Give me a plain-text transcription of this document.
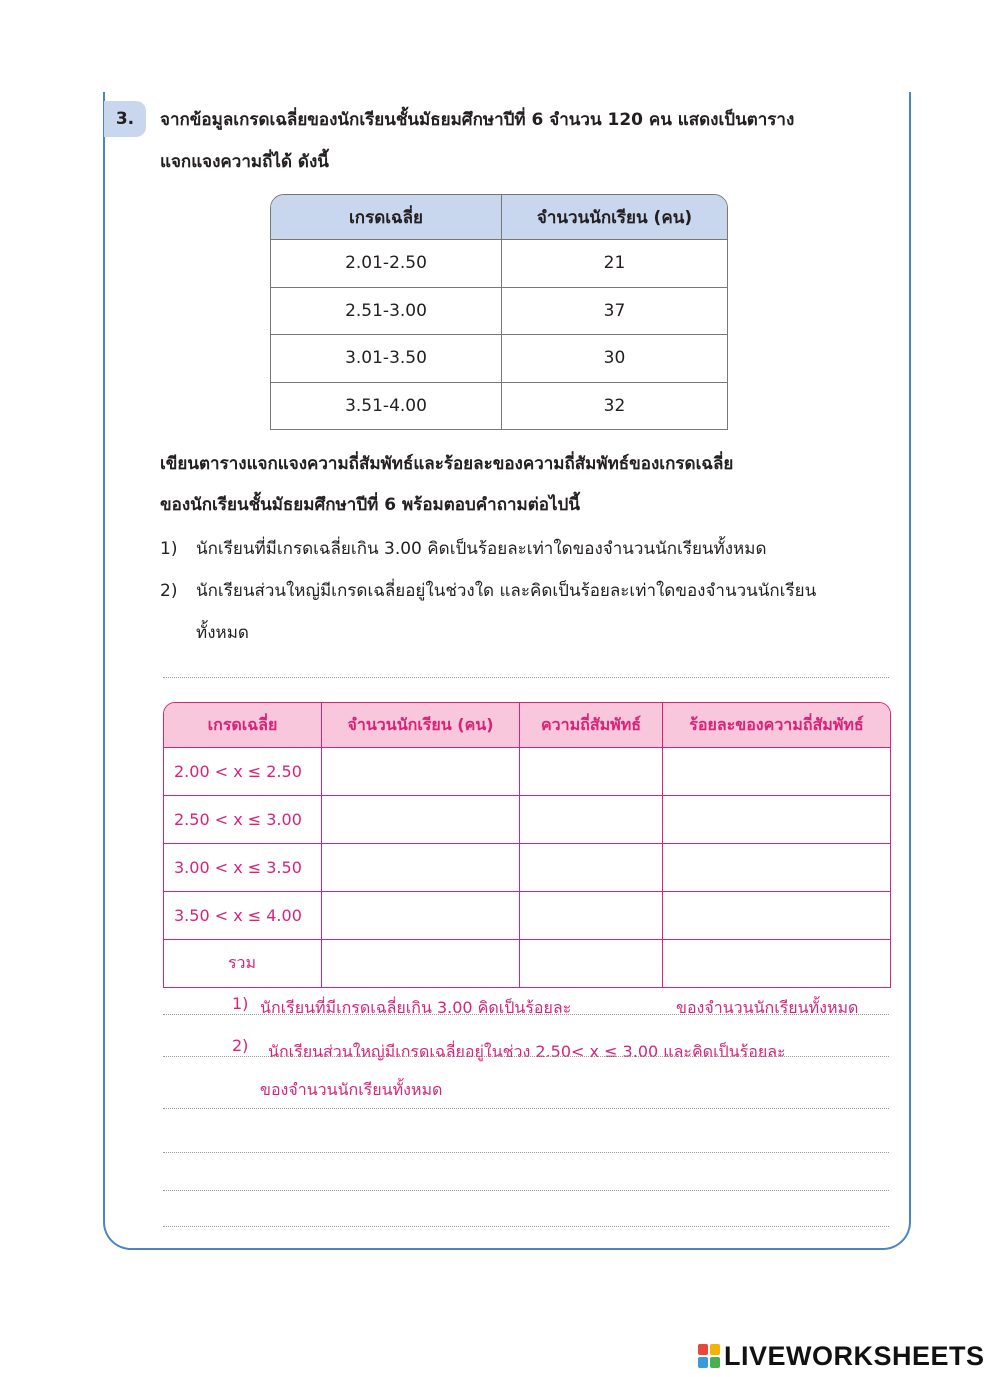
3.	จากข้อมูลเกรดเฉลี่ยของนักเรียนชั้นมัธยมศึกษาปีที่ 6 จำนวน 120 คน แสดงเป็นตาราง
แจกแจงความถี่ได้ ดังนี้
เกรดเฉลี่ย	จำนวนนักเรียน (คน)
2.01-2.50	21
2.51-3.00	37
3.01-3.50	30
3.51-4.00	32
เขียนตารางแจกแจงความถี่สัมพัทธ์และร้อยละของความถี่สัมพัทธ์ของเกรดเฉลี่ย
ของนักเรียนชั้นมัธยมศึกษาปีที่ 6 พร้อมตอบคำถามต่อไปนี้
1) นักเรียนที่มีเกรดเฉลี่ยเกิน 3.00 คิดเป็นร้อยละเท่าใดของจำนวนนักเรียนทั้งหมด
2) นักเรียนส่วนใหญ่มีเกรดเฉลี่ยอยู่ในช่วงใด และคิดเป็นร้อยละเท่าใดของจำนวนนักเรียน
ทั้งหมด
เกรดเฉลี่ย	จำนวนนักเรียน (คน)	ความถี่สัมพัทธ์	ร้อยละของความถี่สัมพัทธ์
2.00 < x ≤ 2.50			
2.50 < x ≤ 3.00			
3.00 < x ≤ 3.50			
3.50 < x ≤ 4.00			
รวม			
1) นักเรียนที่มีเกรดเฉลี่ยเกิน 3.00 คิดเป็นร้อยละ	ของจำนวนนักเรียนทั้งหมด
2) นักเรียนส่วนใหญ่มีเกรดเฉลี่ยอยู่ในช่วง 2.50< x ≤ 3.00 และคิดเป็นร้อยละ
ของจำนวนนักเรียนทั้งหมด
LIVEWORKSHEETS
